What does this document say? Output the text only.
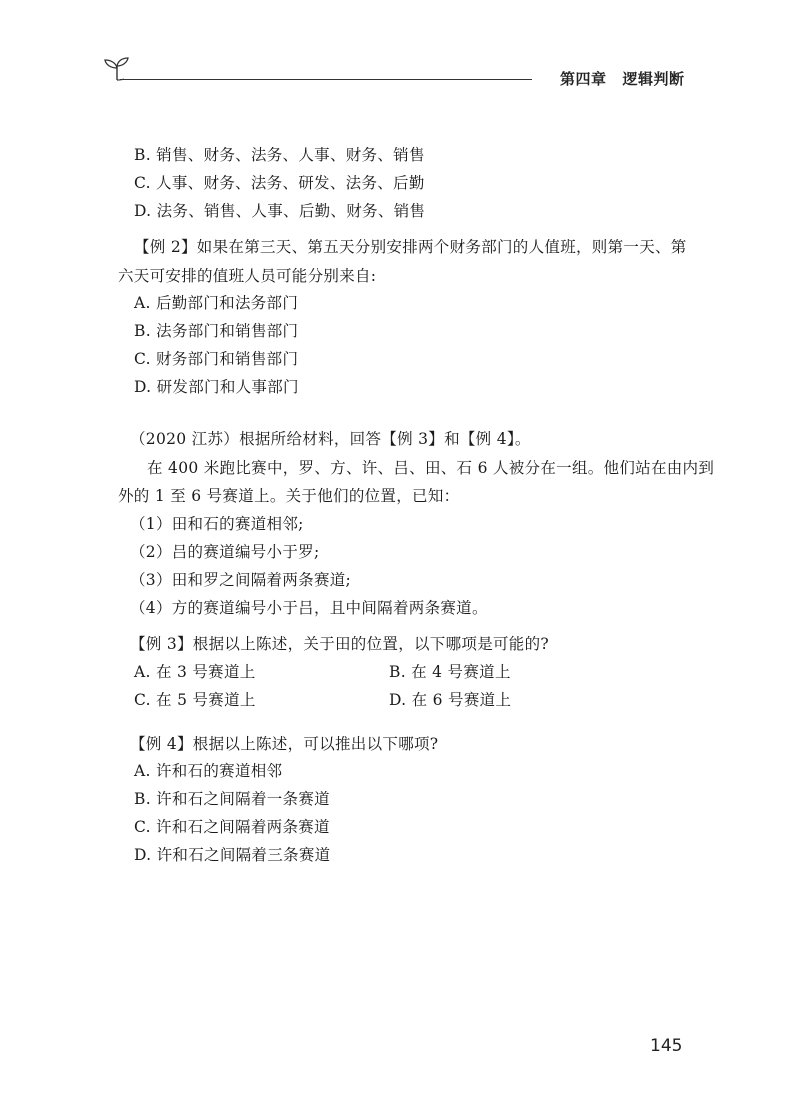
第四章 逻辑判断
B. 销售、财务、法务、人事、财务、销售
C. 人事、财务、法务、研发、法务、后勤
D. 法务、销售、人事、后勤、财务、销售
【例 2】如果在第三天、第五天分别安排两个财务部门的人值班，则第一天、第
六天可安排的值班人员可能分别来自:
A. 后勤部门和法务部门
B. 法务部门和销售部门
C. 财务部门和销售部门
D. 研发部门和人事部门
（2020 江苏）根据所给材料，回答【例 3】和【例 4】。
在 400 米跑比赛中，罗、方、许、吕、田、石 6 人被分在一组。他们站在由内到
外的 1 至 6 号赛道上。关于他们的位置，已知：
（1）田和石的赛道相邻;
（2）吕的赛道编号小于罗;
（3）田和罗之间隔着两条赛道;
（4）方的赛道编号小于吕，且中间隔着两条赛道。
【例 3】根据以上陈述，关于田的位置，以下哪项是可能的?
A. 在 3 号赛道上	B. 在 4 号赛道上
C. 在 5 号赛道上	D. 在 6 号赛道上
【例 4】根据以上陈述，可以推出以下哪项?
A. 许和石的赛道相邻
B. 许和石之间隔着一条赛道
C. 许和石之间隔着两条赛道
D. 许和石之间隔着三条赛道
145
